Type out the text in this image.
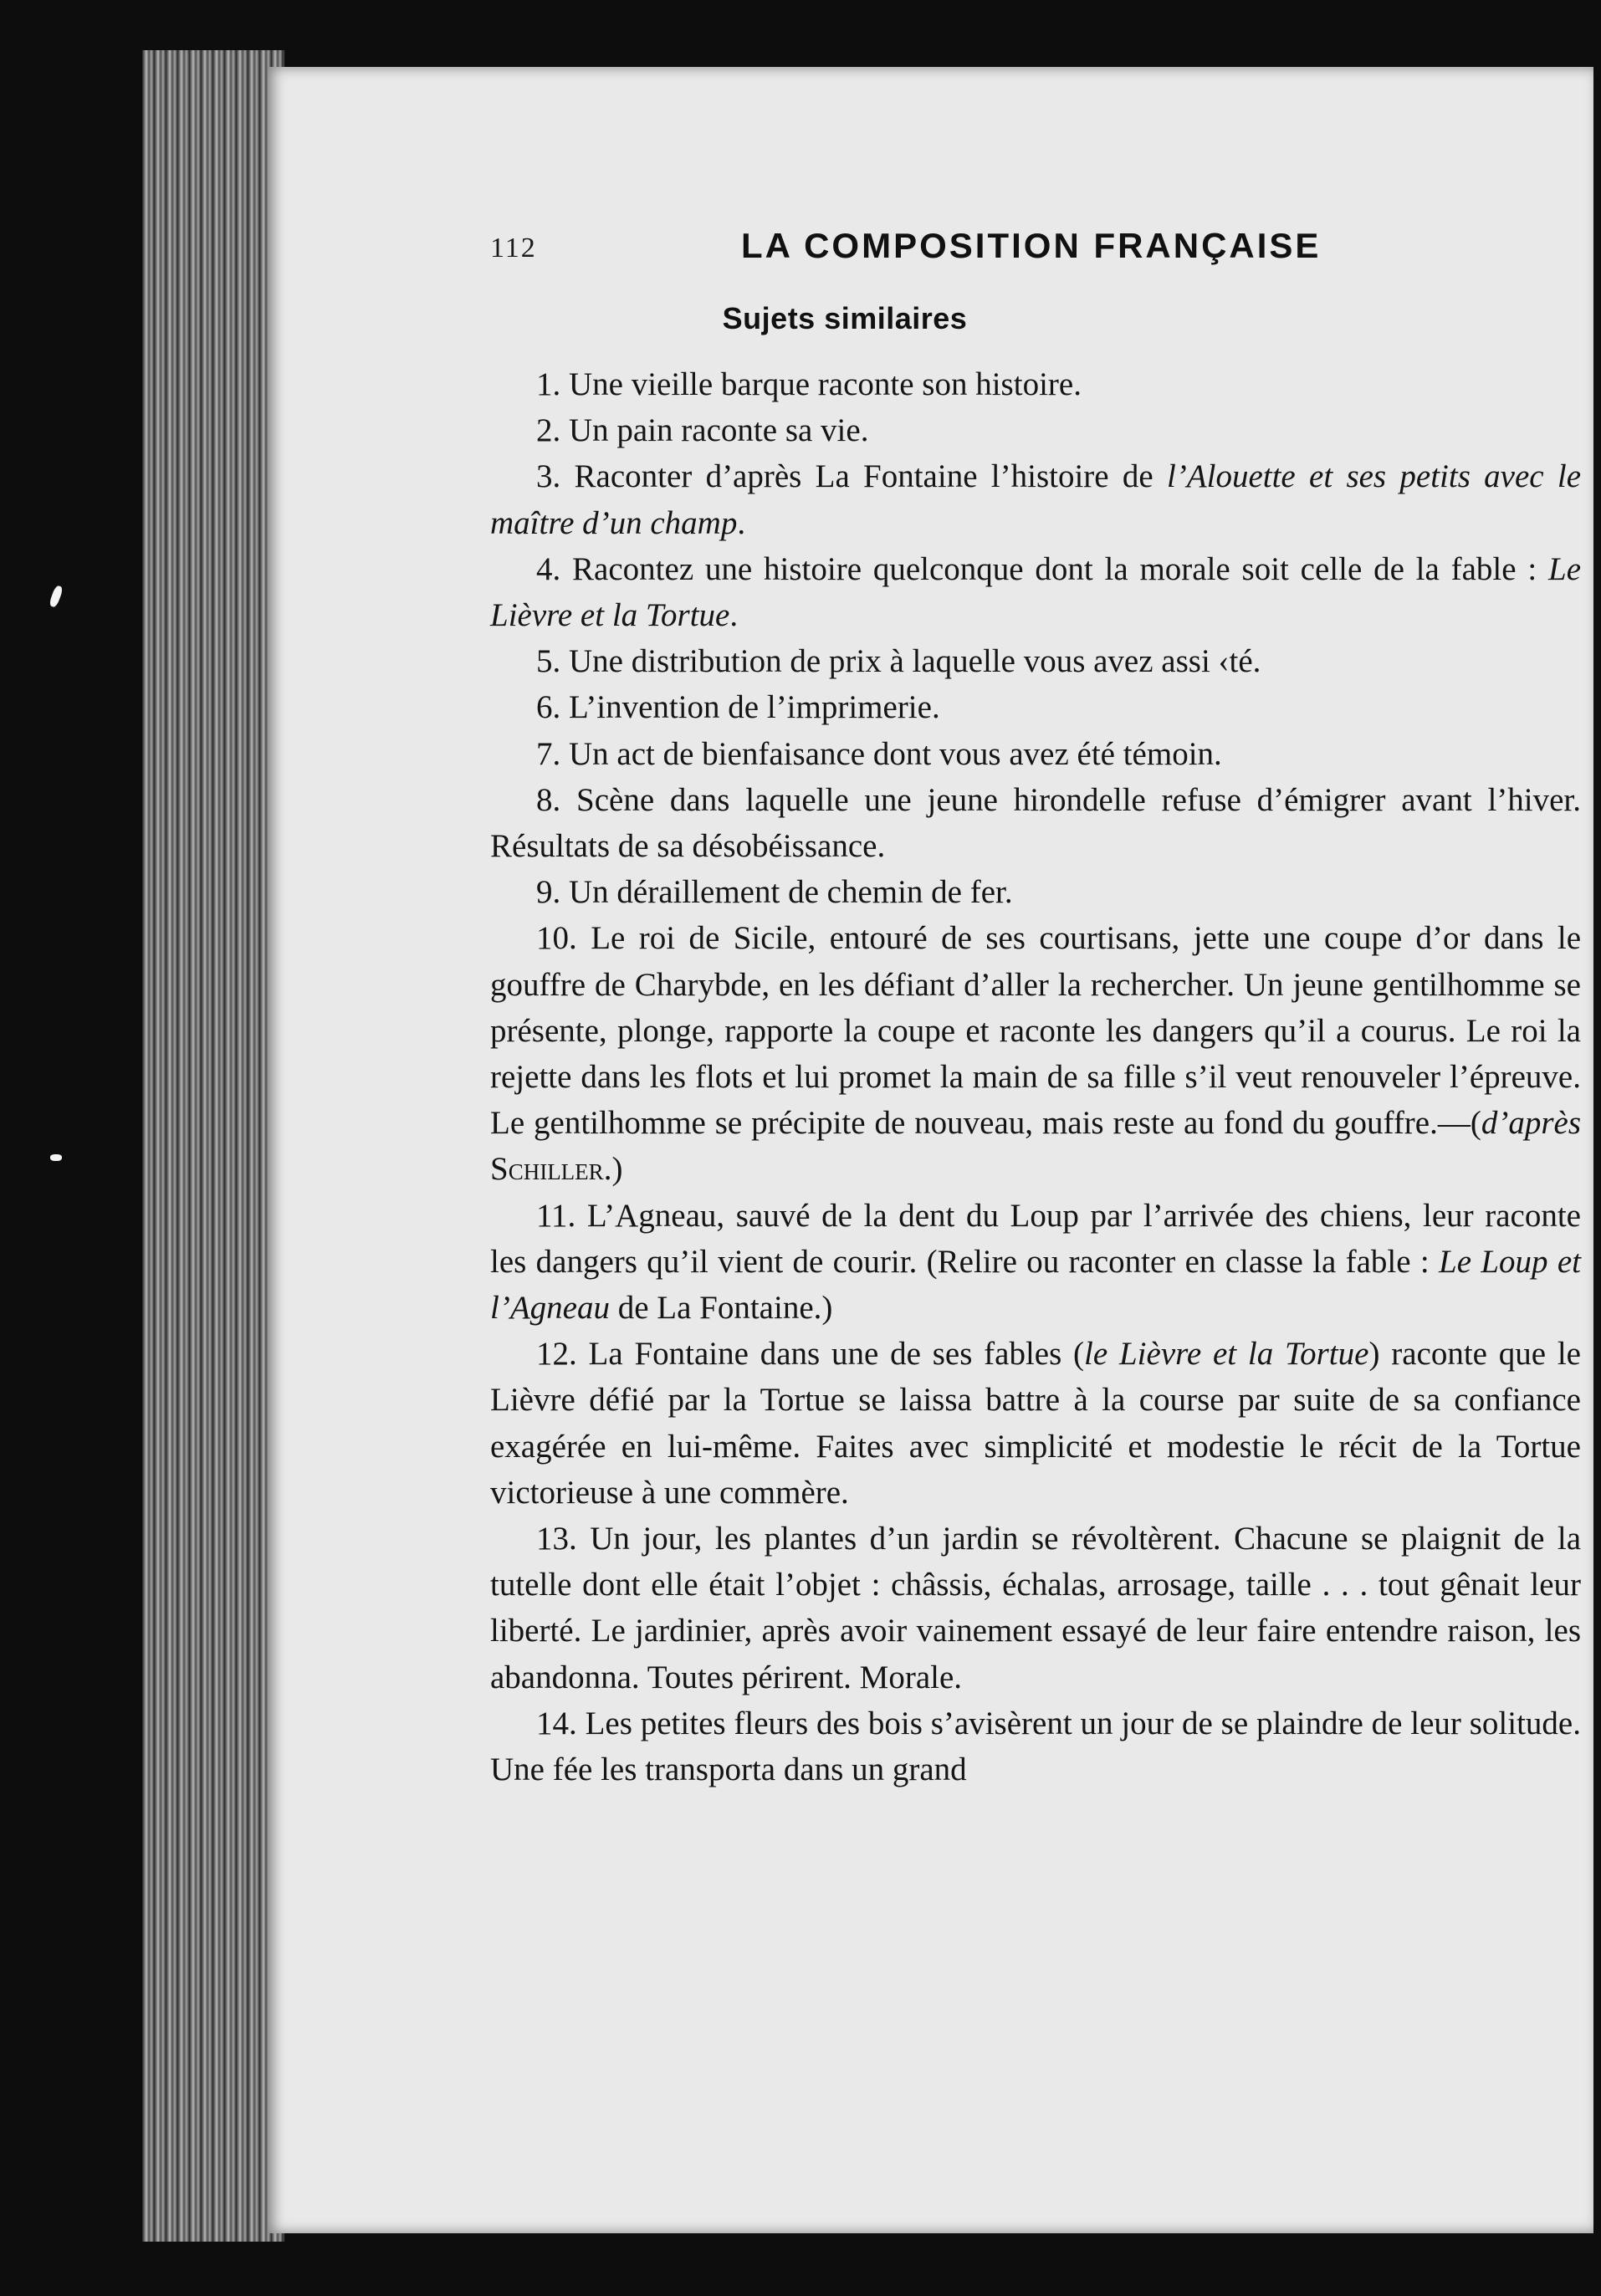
112	LA COMPOSITION FRANÇAISE
Sujets similaires

1. Une vieille barque raconte son histoire.

2. Un pain raconte sa vie.

3. Raconter d’après La Fontaine l’histoire de l’Alouette et ses petits avec le maître d’un champ.

4. Racontez une histoire quelconque dont la morale soit celle de la fable : Le Lièvre et la Tortue.

5. Une distribution de prix à laquelle vous avez assi ‹té.

6. L’invention de l’imprimerie.

7. Un act de bienfaisance dont vous avez été témoin.

8. Scène dans laquelle une jeune hirondelle refuse d’émigrer avant l’hiver. Résultats de sa désobéissance.

9. Un déraillement de chemin de fer.

10. Le roi de Sicile, entouré de ses courtisans, jette une coupe d’or dans le gouffre de Charybde, en les défiant d’aller la rechercher. Un jeune gentilhomme se présente, plonge, rapporte la coupe et raconte les dangers qu’il a courus. Le roi la rejette dans les flots et lui promet la main de sa fille s’il veut renouveler l’épreuve. Le gentilhomme se précipite de nouveau, mais reste au fond du gouffre.—(d’après Schiller.)

11. L’Agneau, sauvé de la dent du Loup par l’arrivée des chiens, leur raconte les dangers qu’il vient de courir. (Relire ou raconter en classe la fable : Le Loup et l’Agneau de La Fontaine.)

12. La Fontaine dans une de ses fables (le Lièvre et la Tortue) raconte que le Lièvre défié par la Tortue se laissa battre à la course par suite de sa confiance exagérée en lui-même. Faites avec simplicité et modestie le récit de la Tortue victorieuse à une commère.

13. Un jour, les plantes d’un jardin se révoltèrent. Chacune se plaignit de la tutelle dont elle était l’objet : châssis, échalas, arrosage, taille . . . tout gênait leur liberté. Le jardinier, après avoir vainement essayé de leur faire entendre raison, les abandonna. Toutes périrent. Morale.

14. Les petites fleurs des bois s’avisèrent un jour de se plaindre de leur solitude. Une fée les transporta dans un grand
